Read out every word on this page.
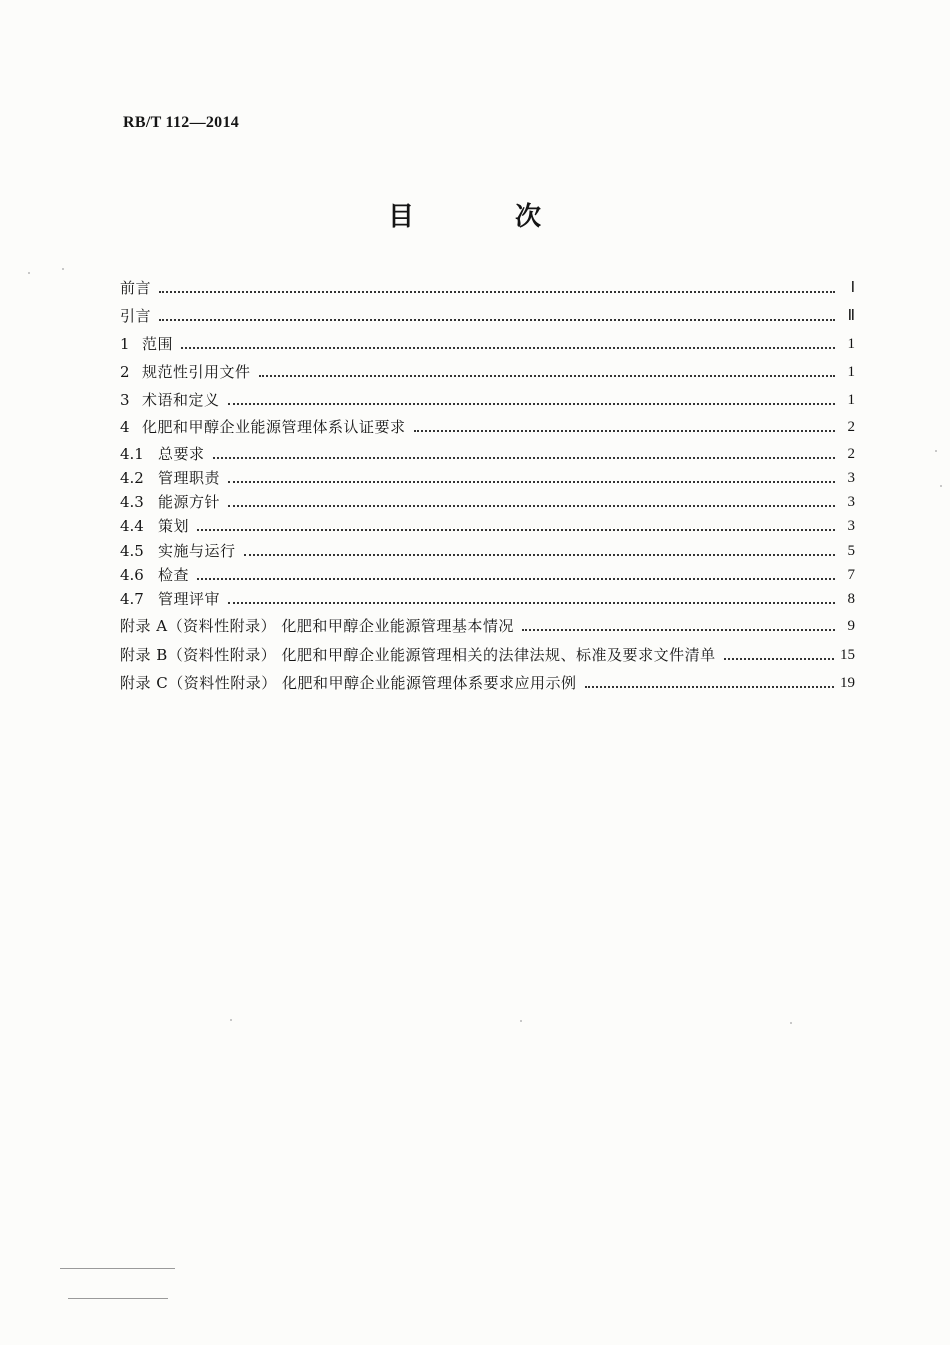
RB/T 112—2014
目 次
前言	Ⅰ
引言	Ⅱ
1 范围	1
2 规范性引用文件	1
3 术语和定义	1
4 化肥和甲醇企业能源管理体系认证要求	2
4.1 总要求	2
4.2 管理职责	3
4.3 能源方针	3
4.4 策划	3
4.5 实施与运行	5
4.6 检查	7
4.7 管理评审	8
附录 A（资料性附录） 化肥和甲醇企业能源管理基本情况	9
附录 B（资料性附录） 化肥和甲醇企业能源管理相关的法律法规、标准及要求文件清单	15
附录 C（资料性附录） 化肥和甲醇企业能源管理体系要求应用示例	19
